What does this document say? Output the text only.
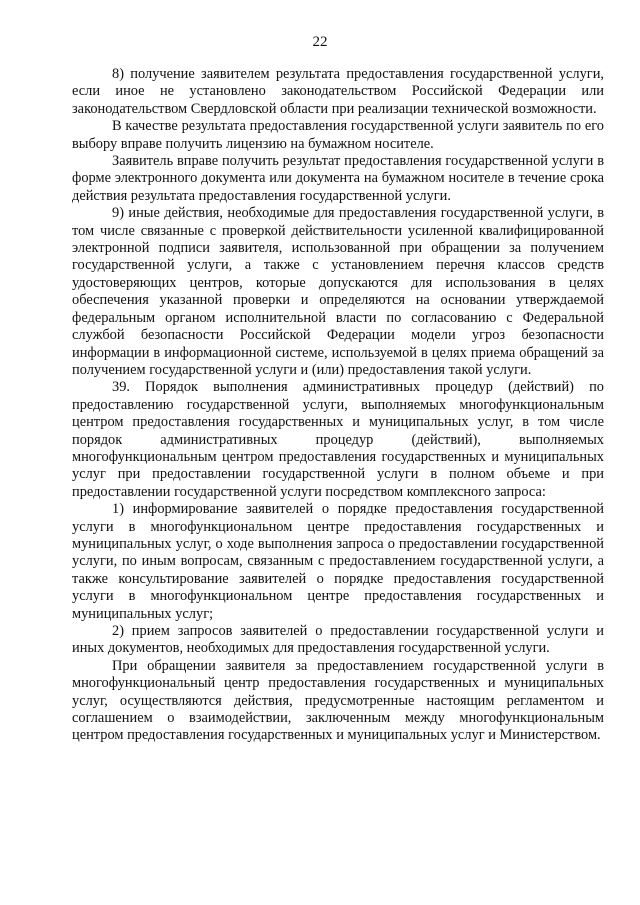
22

8) получение заявителем результата предоставления государственной услуги, если иное не установлено законодательством Российской Федерации или законодательством Свердловской области при реализации технической возможности.

В качестве результата предоставления государственной услуги заявитель по его выбору вправе получить лицензию на бумажном носителе.

Заявитель вправе получить результат предоставления государственной услуги в форме электронного документа или документа на бумажном носителе в течение срока действия результата предоставления государственной услуги.

9) иные действия, необходимые для предоставления государственной услуги, в том числе связанные с проверкой действительности усиленной квалифицированной электронной подписи заявителя, использованной при обращении за получением государственной услуги, а также с установлением перечня классов средств удостоверяющих центров, которые допускаются для использования в целях обеспечения указанной проверки и определяются на основании утверждаемой федеральным органом исполнительной власти по согласованию с Федеральной службой безопасности Российской Федерации модели угроз безопасности информации в информационной системе, используемой в целях приема обращений за получением государственной услуги и (или) предоставления такой услуги.

39. Порядок выполнения административных процедур (действий) по предоставлению государственной услуги, выполняемых многофункциональным центром предоставления государственных и муниципальных услуг, в том числе порядок административных процедур (действий), выполняемых многофункциональным центром предоставления государственных и муниципальных услуг при предоставлении государственной услуги в полном объеме и при предоставлении государственной услуги посредством комплексного запроса:

1) информирование заявителей о порядке предоставления государственной услуги в многофункциональном центре предоставления государственных и муниципальных услуг, о ходе выполнения запроса о предоставлении государственной услуги, по иным вопросам, связанным с предоставлением государственной услуги, а также консультирование заявителей о порядке предоставления государственной услуги в многофункциональном центре предоставления государственных и муниципальных услуг;

2) прием запросов заявителей о предоставлении государственной услуги и иных документов, необходимых для предоставления государственной услуги.

При обращении заявителя за предоставлением государственной услуги в многофункциональный центр предоставления государственных и муниципальных услуг, осуществляются действия, предусмотренные настоящим регламентом и соглашением о взаимодействии, заключенным между многофункциональным центром предоставления государственных и муниципальных услуг и Министерством.
